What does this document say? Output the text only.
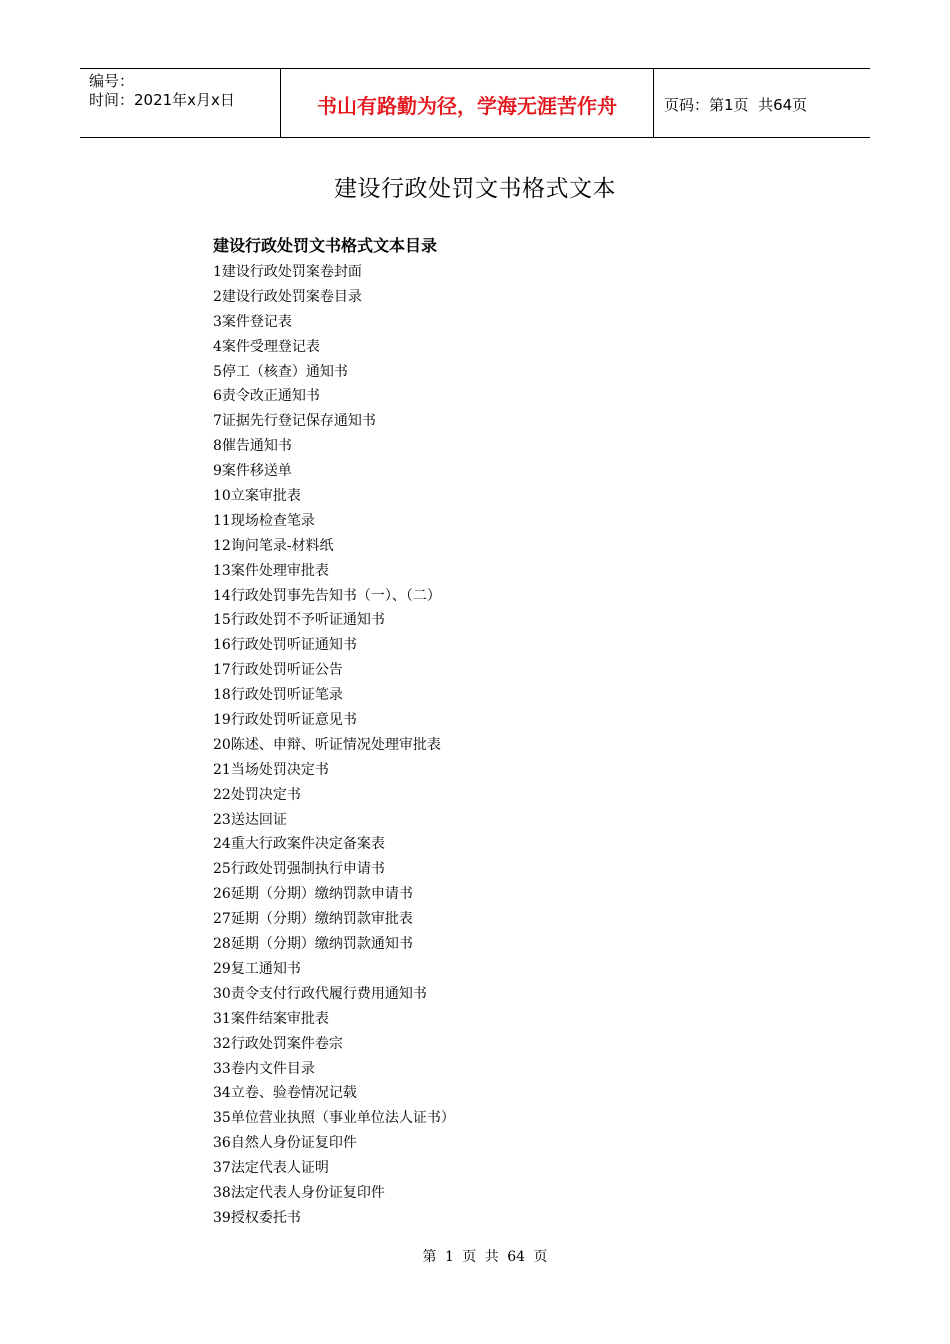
编号：
时间：2021年x月x日	书山有路勤为径，学海无涯苦作舟	页码：第1页  共64页
建设行政处罚文书格式文本
建设行政处罚文书格式文本目录
1建设行政处罚案卷封面
2建设行政处罚案卷目录
3案件登记表
4案件受理登记表
5停工（核查）通知书
6责令改正通知书
7证据先行登记保存通知书
8催告通知书
9案件移送单
10立案审批表
11现场检查笔录
12询问笔录-材料纸
13案件处理审批表
14行政处罚事先告知书（一）、（二）
15行政处罚不予听证通知书
16行政处罚听证通知书
17行政处罚听证公告
18行政处罚听证笔录
19行政处罚听证意见书
20陈述、申辩、听证情况处理审批表
21当场处罚决定书
22处罚决定书
23送达回证
24重大行政案件决定备案表
25行政处罚强制执行申请书
26延期（分期）缴纳罚款申请书
27延期（分期）缴纳罚款审批表
28延期（分期）缴纳罚款通知书
29复工通知书
30责令支付行政代履行费用通知书
31案件结案审批表
32行政处罚案件卷宗
33卷内文件目录
34立卷、验卷情况记载
35单位营业执照（事业单位法人证书）
36自然人身份证复印件
37法定代表人证明
38法定代表人身份证复印件
39授权委托书
第 1 页 共 64 页
